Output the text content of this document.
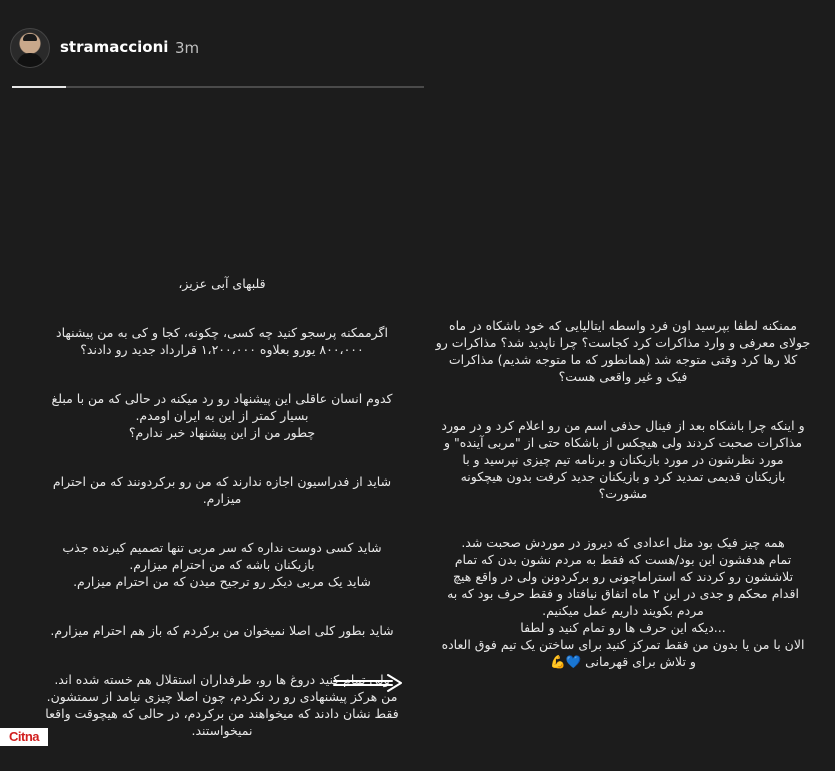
stramaccioni 3m

قلبهای آبی عزیز،

اگرممکنه پرسجو کنید چه کسی، چکونه، کجا و کی به من پیشنهاد
۸۰۰،۰۰۰ یورو بعلاوه ۱،۲۰۰،۰۰۰ قرارداد جدید رو دادند؟

کدوم انسان عاقلی این پیشنهاد رو رد میکنه در حالی که من با مبلغ
بسیار کمتر از این به ایران اومدم.
چطور من از این پیشنهاد خبر ندارم؟

شاید از فدراسیون اجازه ندارند که من رو برکردونند که من احترام
میزارم.

شاید کسی دوست نداره که سر مربی تنها تصمیم کیرنده جذب
بازیکنان باشه که من احترام میزارم.
شاید یک مربی دیکر رو ترجیح میدن که من احترام میزارم.

شاید بطور کلی اصلا نمیخوان من برکردم که باز هم احترام میزارم.

ولی تمام کنید دروغ ها رو، طرفداران استقلال هم خسته شده اند.
من هرکز پیشنهادی رو رد نکردم، چون اصلا چیزی نیامد از سمتشون.
فقط نشان دادند که میخواهند من برکردم، در حالی که هیچوقت واقعا
نمیخواستند.

ممنکنه لطفا بپرسید اون فرد واسطه ایتالیایی که خود باشکاه در ماه
جولای معرفی و وارد مذاکرات کرد کجاست؟ چرا ناپدید شد؟ مذاکرات رو
کلا رها کرد وقتی متوجه شد (همانطور که ما متوجه شدیم) مذاکرات
فیک و غیر واقعی هست؟

و اینکه چرا باشکاه بعد از فینال حذفی اسم من رو اعلام کرد و در مورد
مذاکرات صحبت کردند ولی هیچکس از باشکاه حتی از "مربی آینده" و
مورد نظرشون در مورد بازیکنان و برنامه تیم چیزی نپرسید و با
بازیکنان قدیمی تمدید کرد و بازیکنان جدید کرفت بدون هیچکونه
مشورت؟

همه چیز فیک بود مثل اعدادی که دیروز در موردش صحبت شد.
تمام هدفشون این بود/هست که فقط به مردم نشون بدن که تمام
تلاششون رو کردند که استراماچونی رو برکردونن ولی در واقع هیچ
اقدام محکم و جدی در این ۲ ماه اتفاق نیافتاد و فقط حرف بود که به
مردم بکویند داریم عمل میکنیم.
...دیکه این حرف ها رو تمام کنید و لطفا
الان با من یا بدون من فقط تمرکز کنید برای ساختن یک تیم فوق العاده
و تلاش برای قهرمانی 💙💪

Citna
